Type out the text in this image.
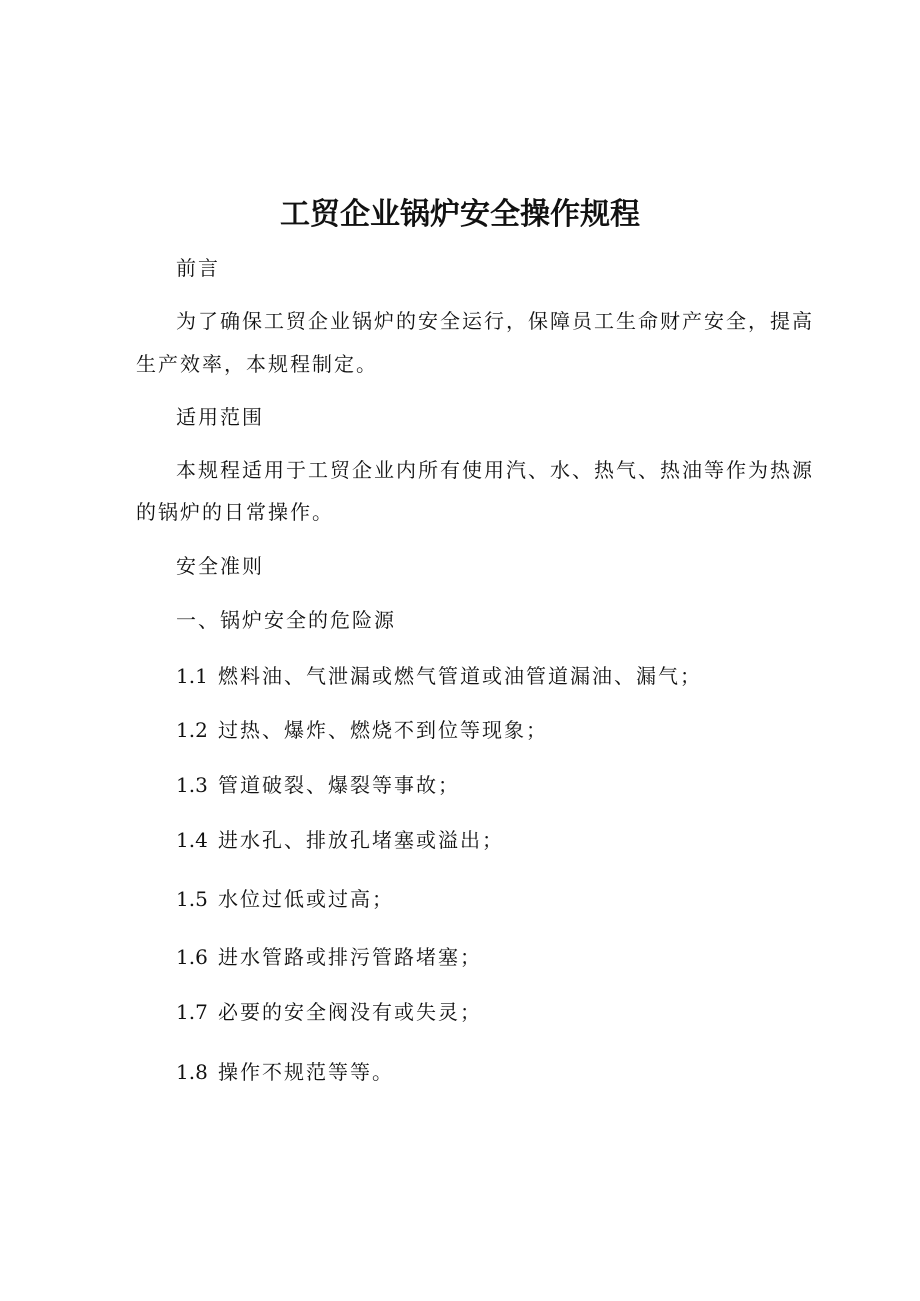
工贸企业锅炉安全操作规程
前言
为了确保工贸企业锅炉的安全运行，保障员工生命财产安全，提高
生产效率，本规程制定。
适用范围
本规程适用于工贸企业内所有使用汽、水、热气、热油等作为热源
的锅炉的日常操作。
安全准则
一、锅炉安全的危险源
1.1 燃料油、气泄漏或燃气管道或油管道漏油、漏气；
1.2 过热、爆炸、燃烧不到位等现象；
1.3 管道破裂、爆裂等事故；
1.4 进水孔、排放孔堵塞或溢出；
1.5 水位过低或过高；
1.6 进水管路或排污管路堵塞；
1.7 必要的安全阀没有或失灵；
1.8 操作不规范等等。
